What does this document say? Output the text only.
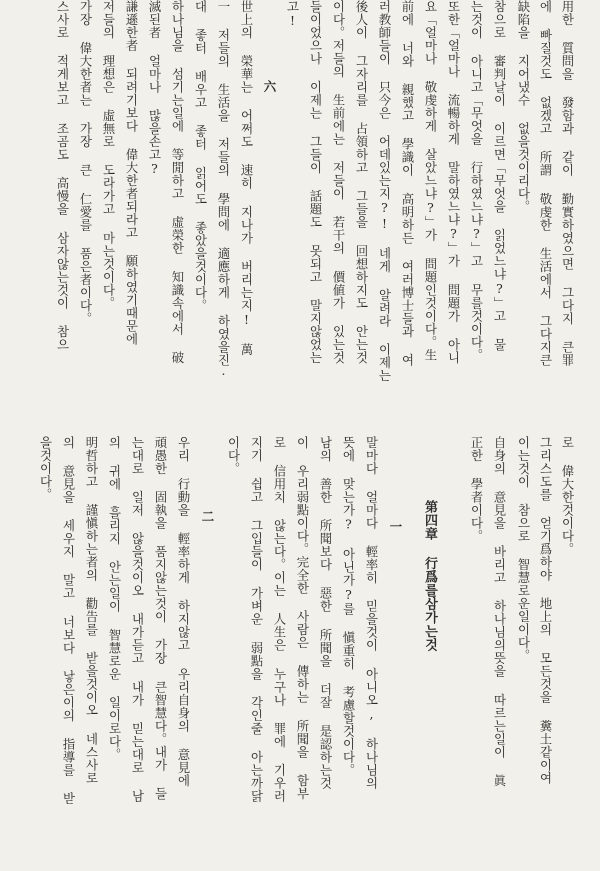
用한 質問을 發함과 같이 勤實하였으면 그다지 큰罪
에 빠질것도 없겠고 所謂 敬虔한 生活에서 그다지큰
缺陷을 지어냈수 없을것이리다。
참으로 審判날이 이르면「무엇을 읽었느냐?」고 물
는것이 아니고「무엇을 行하였느냐?」고 무를것이다。
또한「얼마나 流暢하게 말하였느냐?」가 問題가 아니
요「얼마나 敬虔하게 살았느냐?」가 問題인것이다。生
前에 너와 親했고 學識이 高明하든 여러博士들과 여
러教師들이 只今은 어데있는지?! 네게 알려라 이제는
後人이 그자리를 占領하고 그들을 回想하지도 안는것
이다。저들의 生前에는 저들이 若干의 價値가 있는것
들이었으나 이제는 그들이 話題도 못되고 말지않었는
고!
六
世上의 榮華는 어쩌도 速히 지나가 버리는지! 萬
一 저들의 生活을 저들의 學問에 適應하게 하였을진·
대 좋터 배우고 좋터 읽어도 좋았을것이다。
하나님을 섬기는일에 等閒하고 虛榮한 知識속에서 破
滅된者 얼마나 많을손고?
謙遜한者 되려기보다 偉大한者되라고 願하였기때문에
저들의 理想은 虛無로 도라가고 마는것이다。
가장 偉大한者는 가장 큰 仁愛를 품은者이다。
스사로 적게보고 조곰도 高慢을 삼자않는것이 참으
로 偉大한것이다。
그리스도를 얻기爲하야 地上의 모든것을 糞土같이여
이는것이 참으로 智慧로운일이다。
自身의 意見을 바리고 하나님의뜻을 따르는일이 眞
正한 學者이다。
第四章 行爲를삼가는것
一
말마다 얼마다 輕率히 믿을것이 아니오, 하나님의
뜻에 맞는가? 아닌가?를 愼重히 考慮할것이다。
남의 善한 所聞보다 惡한 所聞을 더잘 是認하는것
이 우리弱點이다。完全한 사람은 傳하는 所聞을 함부
로 信用치 않는다。이는 人生은 누구나 罪에 기우러
지기 쉽고 그입들이 가벼운 弱點을 각인줄 아는까닭
이다。
二
우리 行動을 輕率하게 하지않고 우리自身의 意見에
頑愚한 固執을 품지않는것이 가장 큰智慧다。내가 들
는대로 일저 않을것이오 내가듣고 내가 믿는대로 남
의 귀에 흘리지 안는일이 智慧로운 일이로다。
明哲하고 謹愼하는者의 勸告를 받을것이오 네스사로
의 意見을 세우지 말고 너보다 낳은이의 指導를 받
을것이다。
